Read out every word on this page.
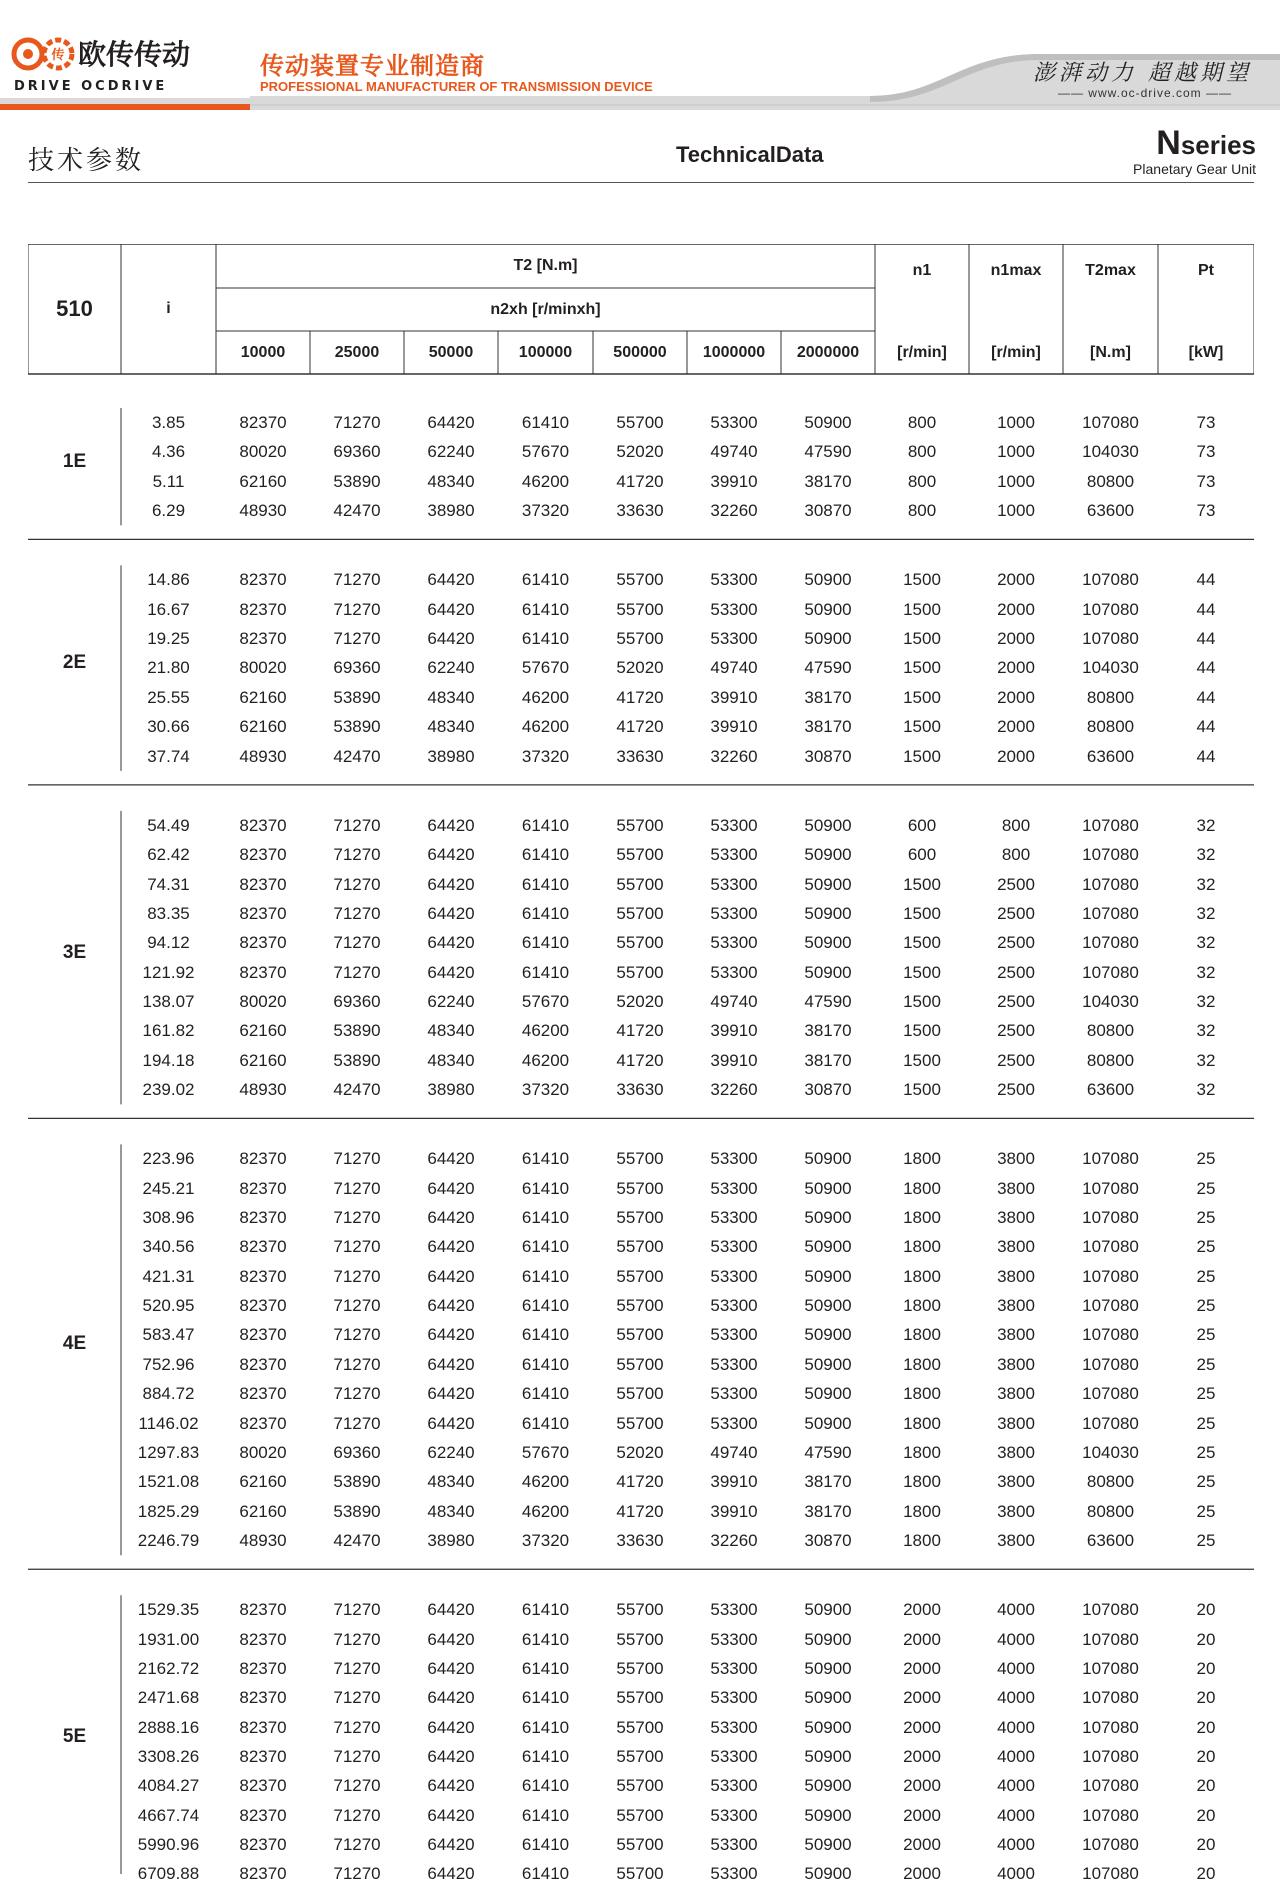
传 欧传传动
DRIVE OCDRIVE
传动装置专业制造商
PROFESSIONAL MANUFACTURER OF TRANSMISSION DEVICE
澎湃动力 超越期望
—— www.oc-drive.com ——
技术参数	TechnicalData	Nseries
Planetary Gear Unit
510	i
T2 [N.m]
n2xh [r/minxh]
10000	25000	50000	100000	500000	1000000	2000000
n1
[r/min]
n1max
[r/min]
T2max
[N.m]
Pt
[kW]
1E
3.85	82370	71270	64420	61410	55700	53300	50900	800	1000	107080	73
4.36	80020	69360	62240	57670	52020	49740	47590	800	1000	104030	73
5.11	62160	53890	48340	46200	41720	39910	38170	800	1000	80800	73
6.29	48930	42470	38980	37320	33630	32260	30870	800	1000	63600	73
2E
14.86	82370	71270	64420	61410	55700	53300	50900	1500	2000	107080	44
16.67	82370	71270	64420	61410	55700	53300	50900	1500	2000	107080	44
19.25	82370	71270	64420	61410	55700	53300	50900	1500	2000	107080	44
21.80	80020	69360	62240	57670	52020	49740	47590	1500	2000	104030	44
25.55	62160	53890	48340	46200	41720	39910	38170	1500	2000	80800	44
30.66	62160	53890	48340	46200	41720	39910	38170	1500	2000	80800	44
37.74	48930	42470	38980	37320	33630	32260	30870	1500	2000	63600	44
3E
54.49	82370	71270	64420	61410	55700	53300	50900	600	800	107080	32
62.42	82370	71270	64420	61410	55700	53300	50900	600	800	107080	32
74.31	82370	71270	64420	61410	55700	53300	50900	1500	2500	107080	32
83.35	82370	71270	64420	61410	55700	53300	50900	1500	2500	107080	32
94.12	82370	71270	64420	61410	55700	53300	50900	1500	2500	107080	32
121.92	82370	71270	64420	61410	55700	53300	50900	1500	2500	107080	32
138.07	80020	69360	62240	57670	52020	49740	47590	1500	2500	104030	32
161.82	62160	53890	48340	46200	41720	39910	38170	1500	2500	80800	32
194.18	62160	53890	48340	46200	41720	39910	38170	1500	2500	80800	32
239.02	48930	42470	38980	37320	33630	32260	30870	1500	2500	63600	32
4E
223.96	82370	71270	64420	61410	55700	53300	50900	1800	3800	107080	25
245.21	82370	71270	64420	61410	55700	53300	50900	1800	3800	107080	25
308.96	82370	71270	64420	61410	55700	53300	50900	1800	3800	107080	25
340.56	82370	71270	64420	61410	55700	53300	50900	1800	3800	107080	25
421.31	82370	71270	64420	61410	55700	53300	50900	1800	3800	107080	25
520.95	82370	71270	64420	61410	55700	53300	50900	1800	3800	107080	25
583.47	82370	71270	64420	61410	55700	53300	50900	1800	3800	107080	25
752.96	82370	71270	64420	61410	55700	53300	50900	1800	3800	107080	25
884.72	82370	71270	64420	61410	55700	53300	50900	1800	3800	107080	25
1146.02	82370	71270	64420	61410	55700	53300	50900	1800	3800	107080	25
1297.83	80020	69360	62240	57670	52020	49740	47590	1800	3800	104030	25
1521.08	62160	53890	48340	46200	41720	39910	38170	1800	3800	80800	25
1825.29	62160	53890	48340	46200	41720	39910	38170	1800	3800	80800	25
2246.79	48930	42470	38980	37320	33630	32260	30870	1800	3800	63600	25
5E
1529.35	82370	71270	64420	61410	55700	53300	50900	2000	4000	107080	20
1931.00	82370	71270	64420	61410	55700	53300	50900	2000	4000	107080	20
2162.72	82370	71270	64420	61410	55700	53300	50900	2000	4000	107080	20
2471.68	82370	71270	64420	61410	55700	53300	50900	2000	4000	107080	20
2888.16	82370	71270	64420	61410	55700	53300	50900	2000	4000	107080	20
3308.26	82370	71270	64420	61410	55700	53300	50900	2000	4000	107080	20
4084.27	82370	71270	64420	61410	55700	53300	50900	2000	4000	107080	20
4667.74	82370	71270	64420	61410	55700	53300	50900	2000	4000	107080	20
5990.96	82370	71270	64420	61410	55700	53300	50900	2000	4000	107080	20
6709.88	82370	71270	64420	61410	55700	53300	50900	2000	4000	107080	20
